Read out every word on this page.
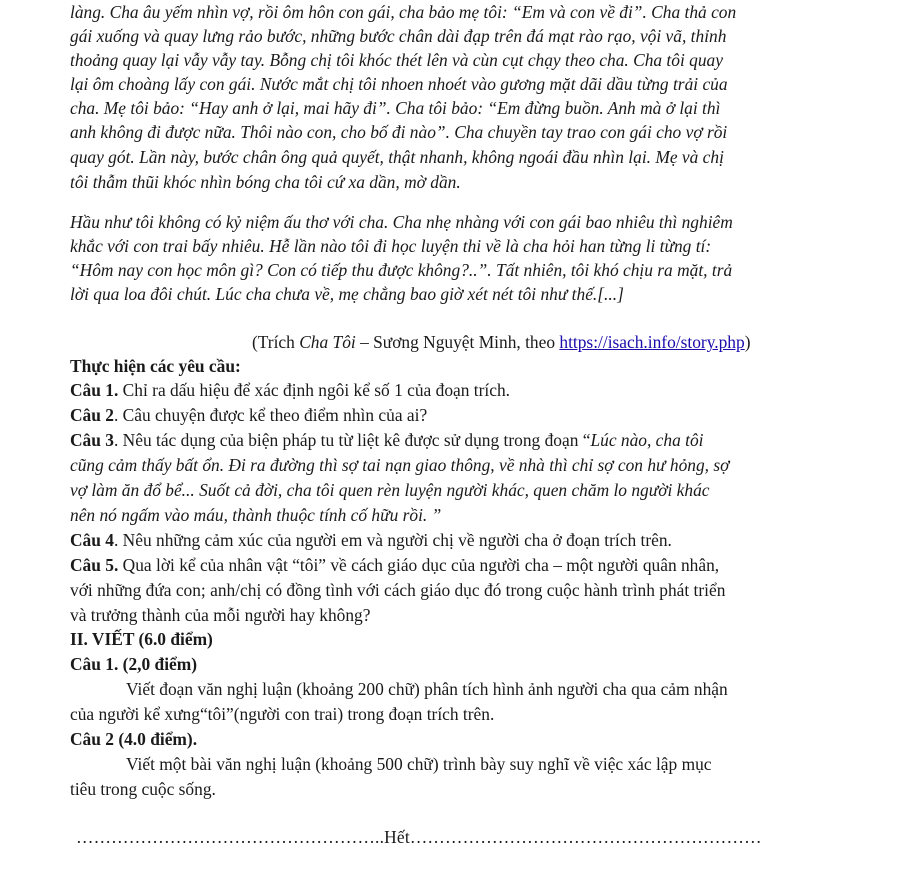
làng. Cha âu yếm nhìn vợ, rồi ôm hôn con gái, cha bảo mẹ tôi: “Em và con về đi”. Cha thả con
gái xuống và quay lưng rảo bước, những bước chân dài đạp trên đá mạt rào rạo, vội vã, thỉnh
thoảng quay lại vẫy vẫy tay. Bỗng chị tôi khóc thét lên và cùn cụt chạy theo cha. Cha tôi quay
lại ôm choàng lấy con gái. Nước mắt chị tôi nhoen nhoét vào gương mặt dãi dầu từng trải của
cha. Mẹ tôi bảo: “Hay anh ở lại, mai hãy đi”. Cha tôi bảo: “Em đừng buồn. Anh mà ở lại thì
anh không đi được nữa. Thôi nào con, cho bố đi nào”. Cha chuyền tay trao con gái cho vợ rồi
quay gót. Lần này, bước chân ông quả quyết, thật nhanh, không ngoái đầu nhìn lại. Mẹ và chị
tôi thẫm thũi khóc nhìn bóng cha tôi cứ xa dần, mờ dần.

Hầu như tôi không có kỷ niệm ấu thơ với cha. Cha nhẹ nhàng với con gái bao nhiêu thì nghiêm
khắc với con trai bấy nhiêu. Hễ lần nào tôi đi học luyện thi về là cha hỏi han từng li từng tí:
“Hôm nay con học môn gì? Con có tiếp thu được không?..”. Tất nhiên, tôi khó chịu ra mặt, trả
lời qua loa đôi chút. Lúc cha chưa về, mẹ chẳng bao giờ xét nét tôi như thế.[...]

(Trích Cha Tôi – Sương Nguyệt Minh, theo https://isach.info/story.php)
Thực hiện các yêu cầu:
Câu 1. Chỉ ra dấu hiệu để xác định ngôi kể số 1 của đoạn trích.
Câu 2. Câu chuyện được kể theo điểm nhìn của ai?
Câu 3. Nêu tác dụng của biện pháp tu từ liệt kê được sử dụng trong đoạn “Lúc nào, cha tôi
cũng cảm thấy bất ổn. Đi ra đường thì sợ tai nạn giao thông, về nhà thì chỉ sợ con hư hỏng, sợ
vợ làm ăn đổ bể... Suốt cả đời, cha tôi quen rèn luyện người khác, quen chăm lo người khác
nên nó ngấm vào máu, thành thuộc tính cố hữu rồi. ”
Câu 4. Nêu những cảm xúc của người em và người chị về người cha ở đoạn trích trên.
Câu 5. Qua lời kể của nhân vật “tôi” về cách giáo dục của người cha – một người quân nhân,
với những đứa con; anh/chị có đồng tình với cách giáo dục đó trong cuộc hành trình phát triển
và trưởng thành của mỗi người hay không?
II. VIẾT (6.0 điểm)
Câu 1. (2,0 điểm)
Viết đoạn văn nghị luận (khoảng 200 chữ) phân tích hình ảnh người cha qua cảm nhận
của người kể xưng“tôi”(người con trai) trong đoạn trích trên.
Câu 2 (4.0 điểm).
Viết một bài văn nghị luận (khoảng 500 chữ) trình bày suy nghĩ về việc xác lập mục
tiêu trong cuộc sống.
……………………………………………..Hết……………………………………………………
